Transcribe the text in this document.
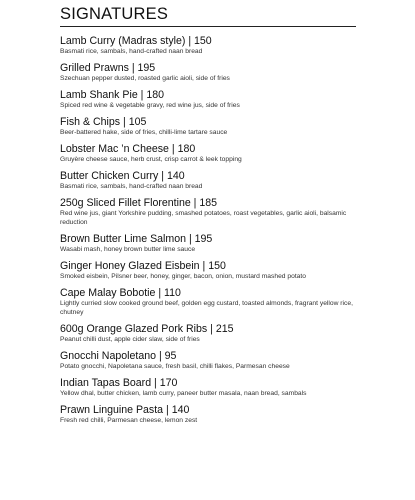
SIGNATURES
Lamb Curry (Madras style) | 150
Basmati rice, sambals, hand-crafted naan bread
Grilled Prawns | 195
Szechuan pepper dusted, roasted garlic aioli, side of fries
Lamb Shank Pie | 180
Spiced red wine & vegetable gravy, red wine jus, side of fries
Fish & Chips | 105
Beer-battered hake, side of fries, chilli-lime tartare sauce
Lobster Mac ’n Cheese | 180
Gruyère cheese sauce, herb crust, crisp carrot & leek topping
Butter Chicken Curry | 140
Basmati rice, sambals, hand-crafted naan bread
250g Sliced Fillet Florentine | 185
Red wine jus, giant Yorkshire pudding, smashed potatoes, roast vegetables, garlic aioli, balsamic reduction
Brown Butter Lime Salmon | 195
Wasabi mash, honey brown butter lime sauce
Ginger Honey Glazed Eisbein | 150
Smoked eisbein, Pilsner beer, honey, ginger, bacon, onion, mustard mashed potato
Cape Malay Bobotie | 110
Lightly curried slow cooked ground beef, golden egg custard, toasted almonds, fragrant yellow rice, chutney
600g Orange Glazed Pork Ribs | 215
Peanut chilli dust, apple cider slaw, side of fries
Gnocchi Napoletano | 95
Potato gnocchi, Napoletana sauce, fresh basil, chilli flakes, Parmesan cheese
Indian Tapas Board | 170
Yellow dhal, butter chicken, lamb curry, paneer butter masala, naan bread, sambals
Prawn Linguine Pasta | 140
Fresh red chilli, Parmesan cheese, lemon zest
